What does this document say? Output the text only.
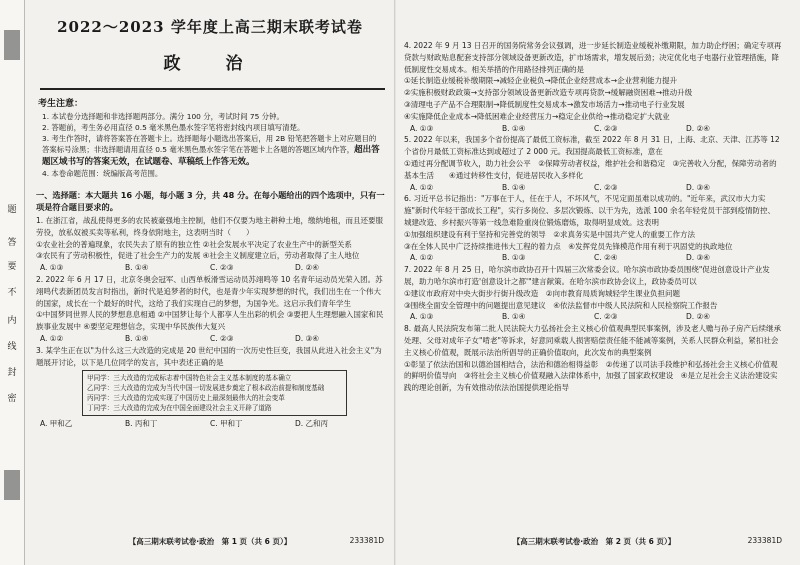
题
答
要
不
内
线
封
密
2022～2023 学年度上高三期末联考试卷
政　治
考生注意：
1. 本试卷分选择题和非选择题两部分。满分 100 分，考试时间 75 分钟。
2. 答题前，考生务必用直径 0.5 毫米黑色墨水签字笔将密封线内项目填写清楚。
3. 考生作答时，请将答案答在答题卡上。选择题每小题选出答案后，用 2B 铅笔把答题卡上对应题目的答案标号涂黑；非选择题请用直径 0.5 毫米黑色墨水签字笔在答题卡上各题的答题区域内作答，超出答题区域书写的答案无效，在试题卷、草稿纸上作答无效。
4. 本卷命题范围：统编版高考范围。
一、选择题：本大题共 16 小题，每小题 3 分，共 48 分。在每小题给出的四个选项中，只有一项是符合题目要求的。
1. 在浙江省，战乱使得更多的农民被豪强地主控制，他们不仅要为地主耕种土地，缴纳地租，而且还要服劳役，放私奴被买卖等私利，终身依附地主，这表明当时（　　）
①农业社会的普遍现象，农民失去了原有的独立性 ②社会发展水平决定了农业生产中的新型关系
③农民有了劳动积极性，促进了社会生产力的发展 ④社会主义制度建立后，劳动者取得了主人地位
A. ①③	B. ①④	C. ②③	D. ②④
2. 2022 年 6 月 17 日，北京冬奥会冠军、山西单板滑雪运动员苏翊鸣等 10 名青年运动员光荣入团。苏翊鸣代表新团员发言时指出，新时代是追梦者的时代，也是青少年实现梦想的时代，我们出生在一个伟大的国家，成长在一个最好的时代，这给了我们实现自己的梦想，为国争光。这启示我们青年学生
①中国梦同世界人民的梦想息息相通 ②中国梦让每个人都享人生出彩的机会 ③要把人生理想融入国家和民族事业发展中 ④要坚定理想信念，实现中华民族伟大复兴
A. ①②	B. ①④	C. ②③	D. ③④
3. 某学生正在以"为什么这三大改造的完成是 20 世纪中国的一次历史性巨变，我国从此进入社会主义"为题展开讨论，以下是几位同学的发言，其中表述正确的是
甲同学：三大改造的完成标志着中国特色社会主义基本制度的基本确立
乙同学：三大改造的完成为当代中国一切发展进步奠定了根本政治前提和制度基础
丙同学：三大改造的完成实现了中国历史上最深刻最伟大的社会变革
丁同学：三大改造的完成为在中国全面建设社会主义开辟了道路
A. 甲和乙	B. 丙和丁	C. 甲和丁	D. 乙和丙
【高三期末联考试卷·政治　第 1 页（共 6 页）】	233381D
4. 2022 年 9 月 13 日召开的国务院常务会议强调，进一步延长制造业缓税补缴期限，加力助企纾困；确定专项再贷款与财政贴息配套支持部分领域设备更新改造，扩市场需求，增发展后劲；决定优化电子电器行业管理措施，降低制度性交易成本。相关举措的作用路径排列正确的是
①延长制造业缓税补缴期限→减轻企业税负→降低企业经营成本→企业营利能力提升
②实施积极财政政策→支持部分领域设备更新改造专项再贷款→缓解融资困难→推动升级
③清理电子产品不合理限制→降低制度性交易成本→激发市场活力→推动电子行业发展
④实施降低企业成本→降低困难企业经营压力→稳定企业供给→推动稳定扩大就业
A. ①③	B. ①④	C. ②③	D. ②④
5. 2022 年以来，我国多个省份提高了最低工资标准，截至 2022 年 8 月 31 日，上海、北京、天津、江苏等 12 个省份月最低工资标准达到或超过了 2 000 元。我国提高最低工资标准，意在
①通过再分配调节收入，助力社会公平　②保障劳动者权益，维护社会和谐稳定　③完善收入分配，保障劳动者的基本生活　　④通过转移性支付，促进居民收入多样化
A. ①②	B. ①④	C. ②③	D. ③④
6. 习近平总书记指出："万事在于人，任在于人，不坏风气，不见定面虽难以成功的。"近年来，武汉市大力实施"新时代年轻干部成长工程"，实行多岗位、多层次锻炼、以干为先，选派 100 余名年轻党员干部到疫情防控、城建改造、乡村振兴等第一线急难险重岗位锻炼磨炼，取得明显成效。这表明
①加强组织建设有利于坚持和完善党的领导　②求真务实是中国共产党人的重要工作方法
③在全体人民中广泛持续推进伟大工程的着力点　④发挥党员先锋模范作用有利于巩固党的执政地位
A. ①②	B. ①③	C. ②④	D. ③④
7. 2022 年 8 月 25 日，哈尔滨市政协召开十四届三次常委会议。哈尔滨市政协委员围绕"促进创意设计产业发展，助力哈尔滨市打造'创意设计之都'"建言献策。在哈尔滨市政协会议上，政协委员可以
①建议市政府对中央大街步行街升级改造　②向市教育局质询城轻学生课业负担问题
③围绕全面安全管理中的问题提出意见建议　④依法监督市中级人民法院和人民检察院工作报告
A. ①③	B. ①④	C. ②③	D. ②④
8. 最高人民法院发布第二批人民法院大力弘扬社会主义核心价值观典型民事案例，涉及老人赡与孙子房产后续继承处理、父母对成年子女"啃老"等诉求，好意同乘载人损害赔偿责任能不能减等案例，关系人民群众利益，紧扣社会主义核心价值观，既展示法治所倡导的正确价值取向，此次发布的典型案例
①彰显了依法治国和以德治国相结合，法治和德治相得益彰　②传递了以司法手段维护和弘扬社会主义核心价值观的鲜明价值导向　③将社会主义核心价值观融入法律体系中，加强了国家政权建设　④是立足社会主义法治建设实践的理论创新，为有效推动依法治国提供理论指导
【高三期末联考试卷·政治　第 2 页（共 6 页）】	233381D
